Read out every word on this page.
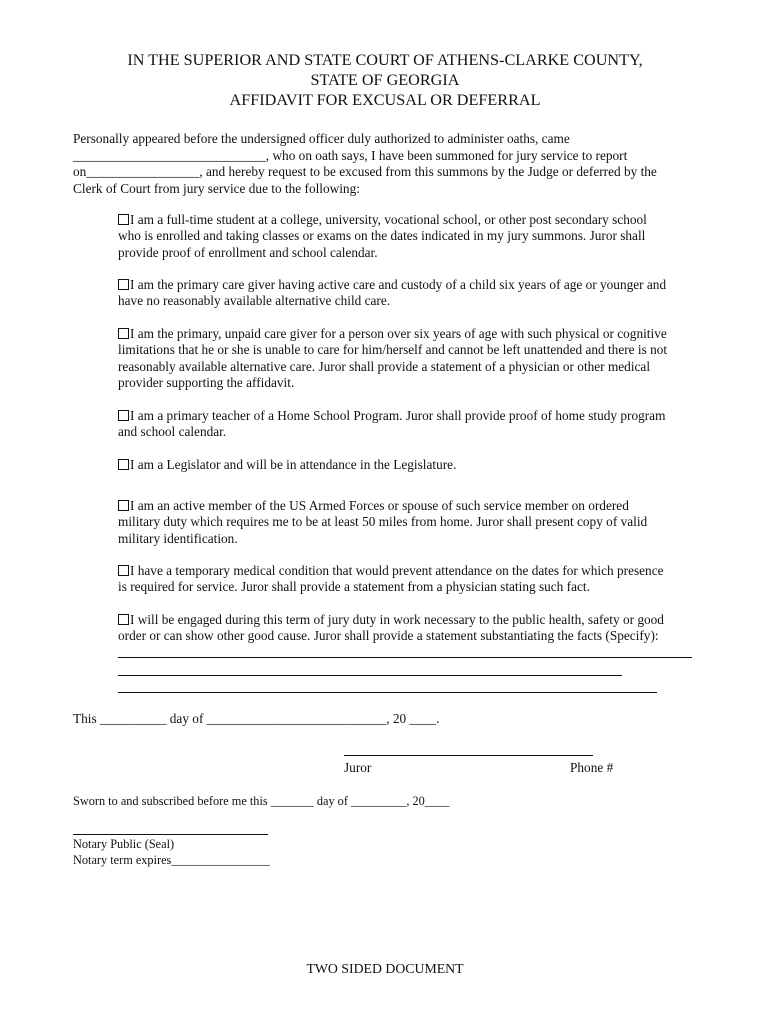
IN THE SUPERIOR AND STATE COURT OF ATHENS-CLARKE COUNTY,
STATE OF GEORGIA
AFFIDAVIT FOR EXCUSAL OR DEFERRAL
Personally appeared before the undersigned officer duly authorized to administer oaths, came
_____________________________, who on oath says, I have been summoned for jury service to report
on_________________, and hereby request to be excused from this summons by the Judge or deferred by the
Clerk of Court from jury service due to the following:
I am a full-time student at a college, university, vocational school, or other post secondary school
who is enrolled and taking classes or exams on the dates indicated in my jury summons. Juror shall
provide proof of enrollment and school calendar.
I am the primary care giver having active care and custody of a child six years of age or younger and
have no reasonably available alternative child care.
I am the primary, unpaid care giver for a person over six years of age with such physical or cognitive
limitations that he or she is unable to care for him/herself and cannot be left unattended and there is not
reasonably available alternative care. Juror shall provide a statement of a physician or other medical
provider supporting the affidavit.
I am a primary teacher of a Home School Program. Juror shall provide proof of home study program
and school calendar.
I am a Legislator and will be in attendance in the Legislature.
I am an active member of the US Armed Forces or spouse of such service member on ordered
military duty which requires me to be at least 50 miles from home. Juror shall present copy of valid
military identification.
I have a temporary medical condition that would prevent attendance on the dates for which presence
is required for service. Juror shall provide a statement from a physician stating such fact.
I will be engaged during this term of jury duty in work necessary to the public health, safety or good
order or can show other good cause. Juror shall provide a statement substantiating the facts (Specify):
This __________ day of ___________________________, 20 ____.
Juror	Phone #
Sworn to and subscribed before me this _______ day of _________, 20____
Notary Public (Seal)
Notary term expires________________
TWO SIDED DOCUMENT
